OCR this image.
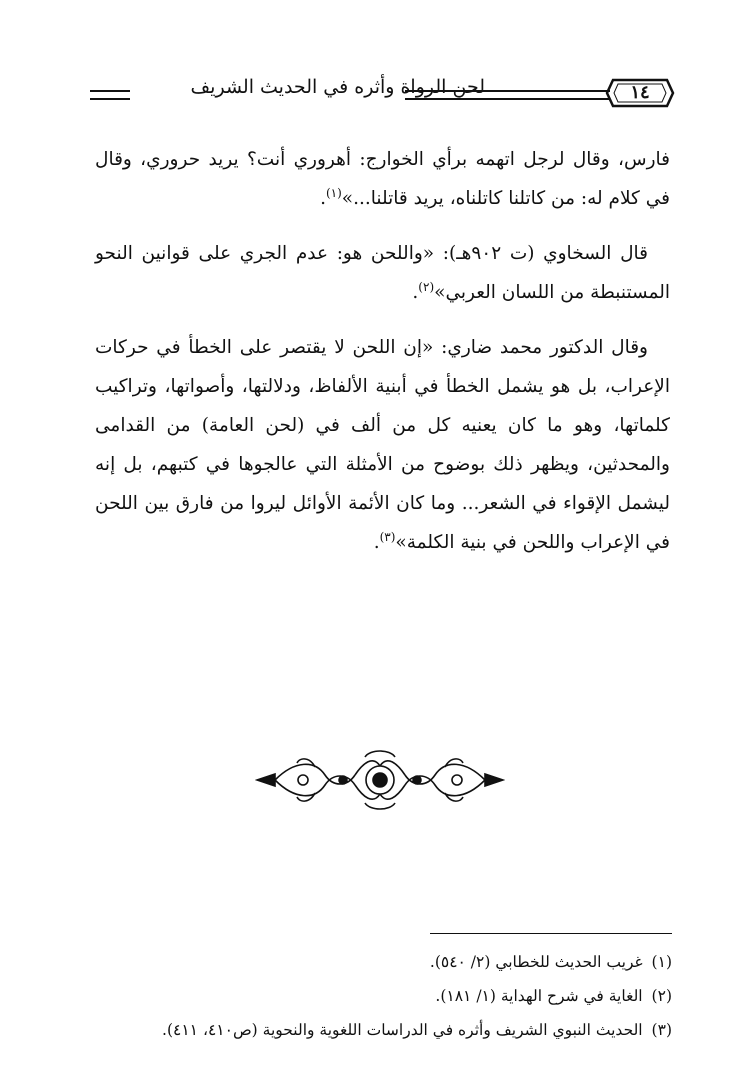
لحن الرواة وأثره في الحديث الشريف	١٤

فارس، وقال لرجل اتهمه برأي الخوارج: أهروري أنت؟ يريد حروري، وقال في كلام له: من كاتلنا كاتلناه، يريد قاتلنا...»$^{(١)}$.

قال السخاوي (ت ٩٠٢هـ): «واللحن هو: عدم الجري على قوانين النحو المستنبطة من اللسان العربي»$^{(٢)}$.

وقال الدكتور محمد ضاري: «إن اللحن لا يقتصر على الخطأ في حركات الإعراب، بل هو يشمل الخطأ في أبنية الألفاظ، ودلالتها، وأصواتها، وتراكيب كلماتها، وهو ما كان يعنيه كل من ألف في (لحن العامة) من القدامى والمحدثين، ويظهر ذلك بوضوح من الأمثلة التي عالجوها في كتبهم، بل إنه ليشمل الإقواء في الشعر... وما كان الأئمة الأوائل ليروا من فارق بين اللحن في الإعراب واللحن في بنية الكلمة»$^{(٣)}$.

(١) غريب الحديث للخطابي (٢/ ٥٤٠).
(٢) الغاية في شرح الهداية (١/ ١٨١).
(٣) الحديث النبوي الشريف وأثره في الدراسات اللغوية والنحوية (ص٤١٠، ٤١١).
